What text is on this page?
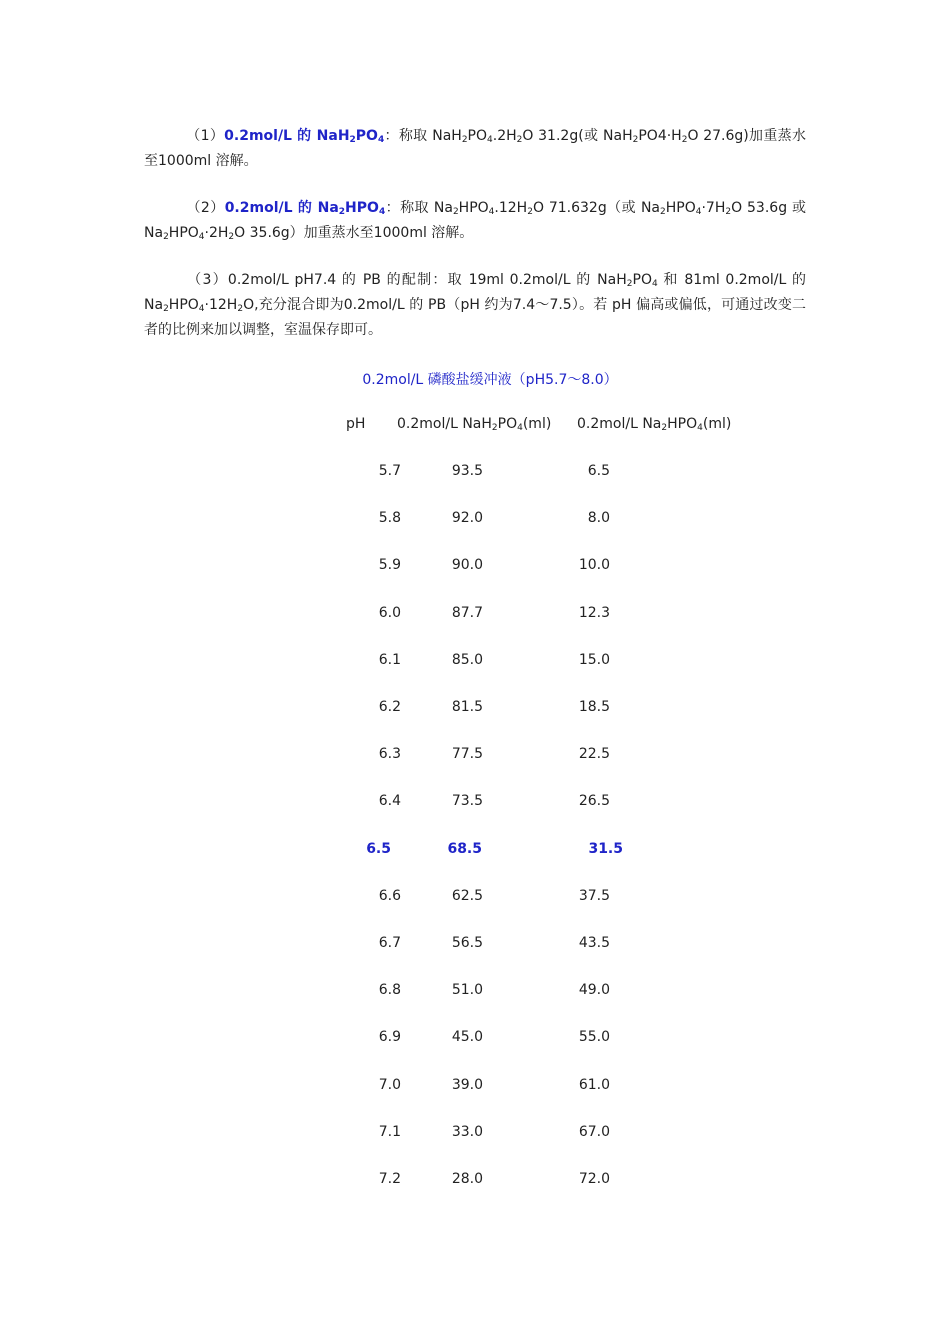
（1）0.2mol/L 的 $NaH_2PO_4$：称取 $NaH_2PO_4.2H_2O$ 31.2g(或 $NaH_2PO4\cdot H_2O$ 27.6g)加重蒸水至1000ml 溶解。
（2）0.2mol/L 的 $Na_2HPO_4$：称取 $Na_2HPO_4.12H_2O$ 71.632g（或 $Na_2HPO_4\cdot 7H_2O$ 53.6g 或 $Na_2HPO_4\cdot 2H_2O$ 35.6g）加重蒸水至1000ml 溶解。
（3）0.2mol/L pH7.4 的 PB 的配制：取 19ml 0.2mol/L 的 $NaH_2PO_4$ 和 81ml 0.2mol/L 的 $Na_2HPO_4\cdot 12H_2O$,充分混合即为0.2mol/L 的 PB（pH 约为7.4～7.5）。若 pH 偏高或偏低，可通过改变二者的比例来加以调整，室温保存即可。
0.2mol/L 磷酸盐缓冲液（pH5.7～8.0）
pH 0.2mol/L $NaH_2PO_4(ml)$ 0.2mol/L $Na_2HPO_4(ml)$
5.7	93.5	6.5
5.8	92.0	8.0
5.9	90.0	10.0
6.0	87.7	12.3
6.1	85.0	15.0
6.2	81.5	18.5
6.3	77.5	22.5
6.4	73.5	26.5
6.5	68.5	31.5
6.6	62.5	37.5
6.7	56.5	43.5
6.8	51.0	49.0
6.9	45.0	55.0
7.0	39.0	61.0
7.1	33.0	67.0
7.2	28.0	72.0
